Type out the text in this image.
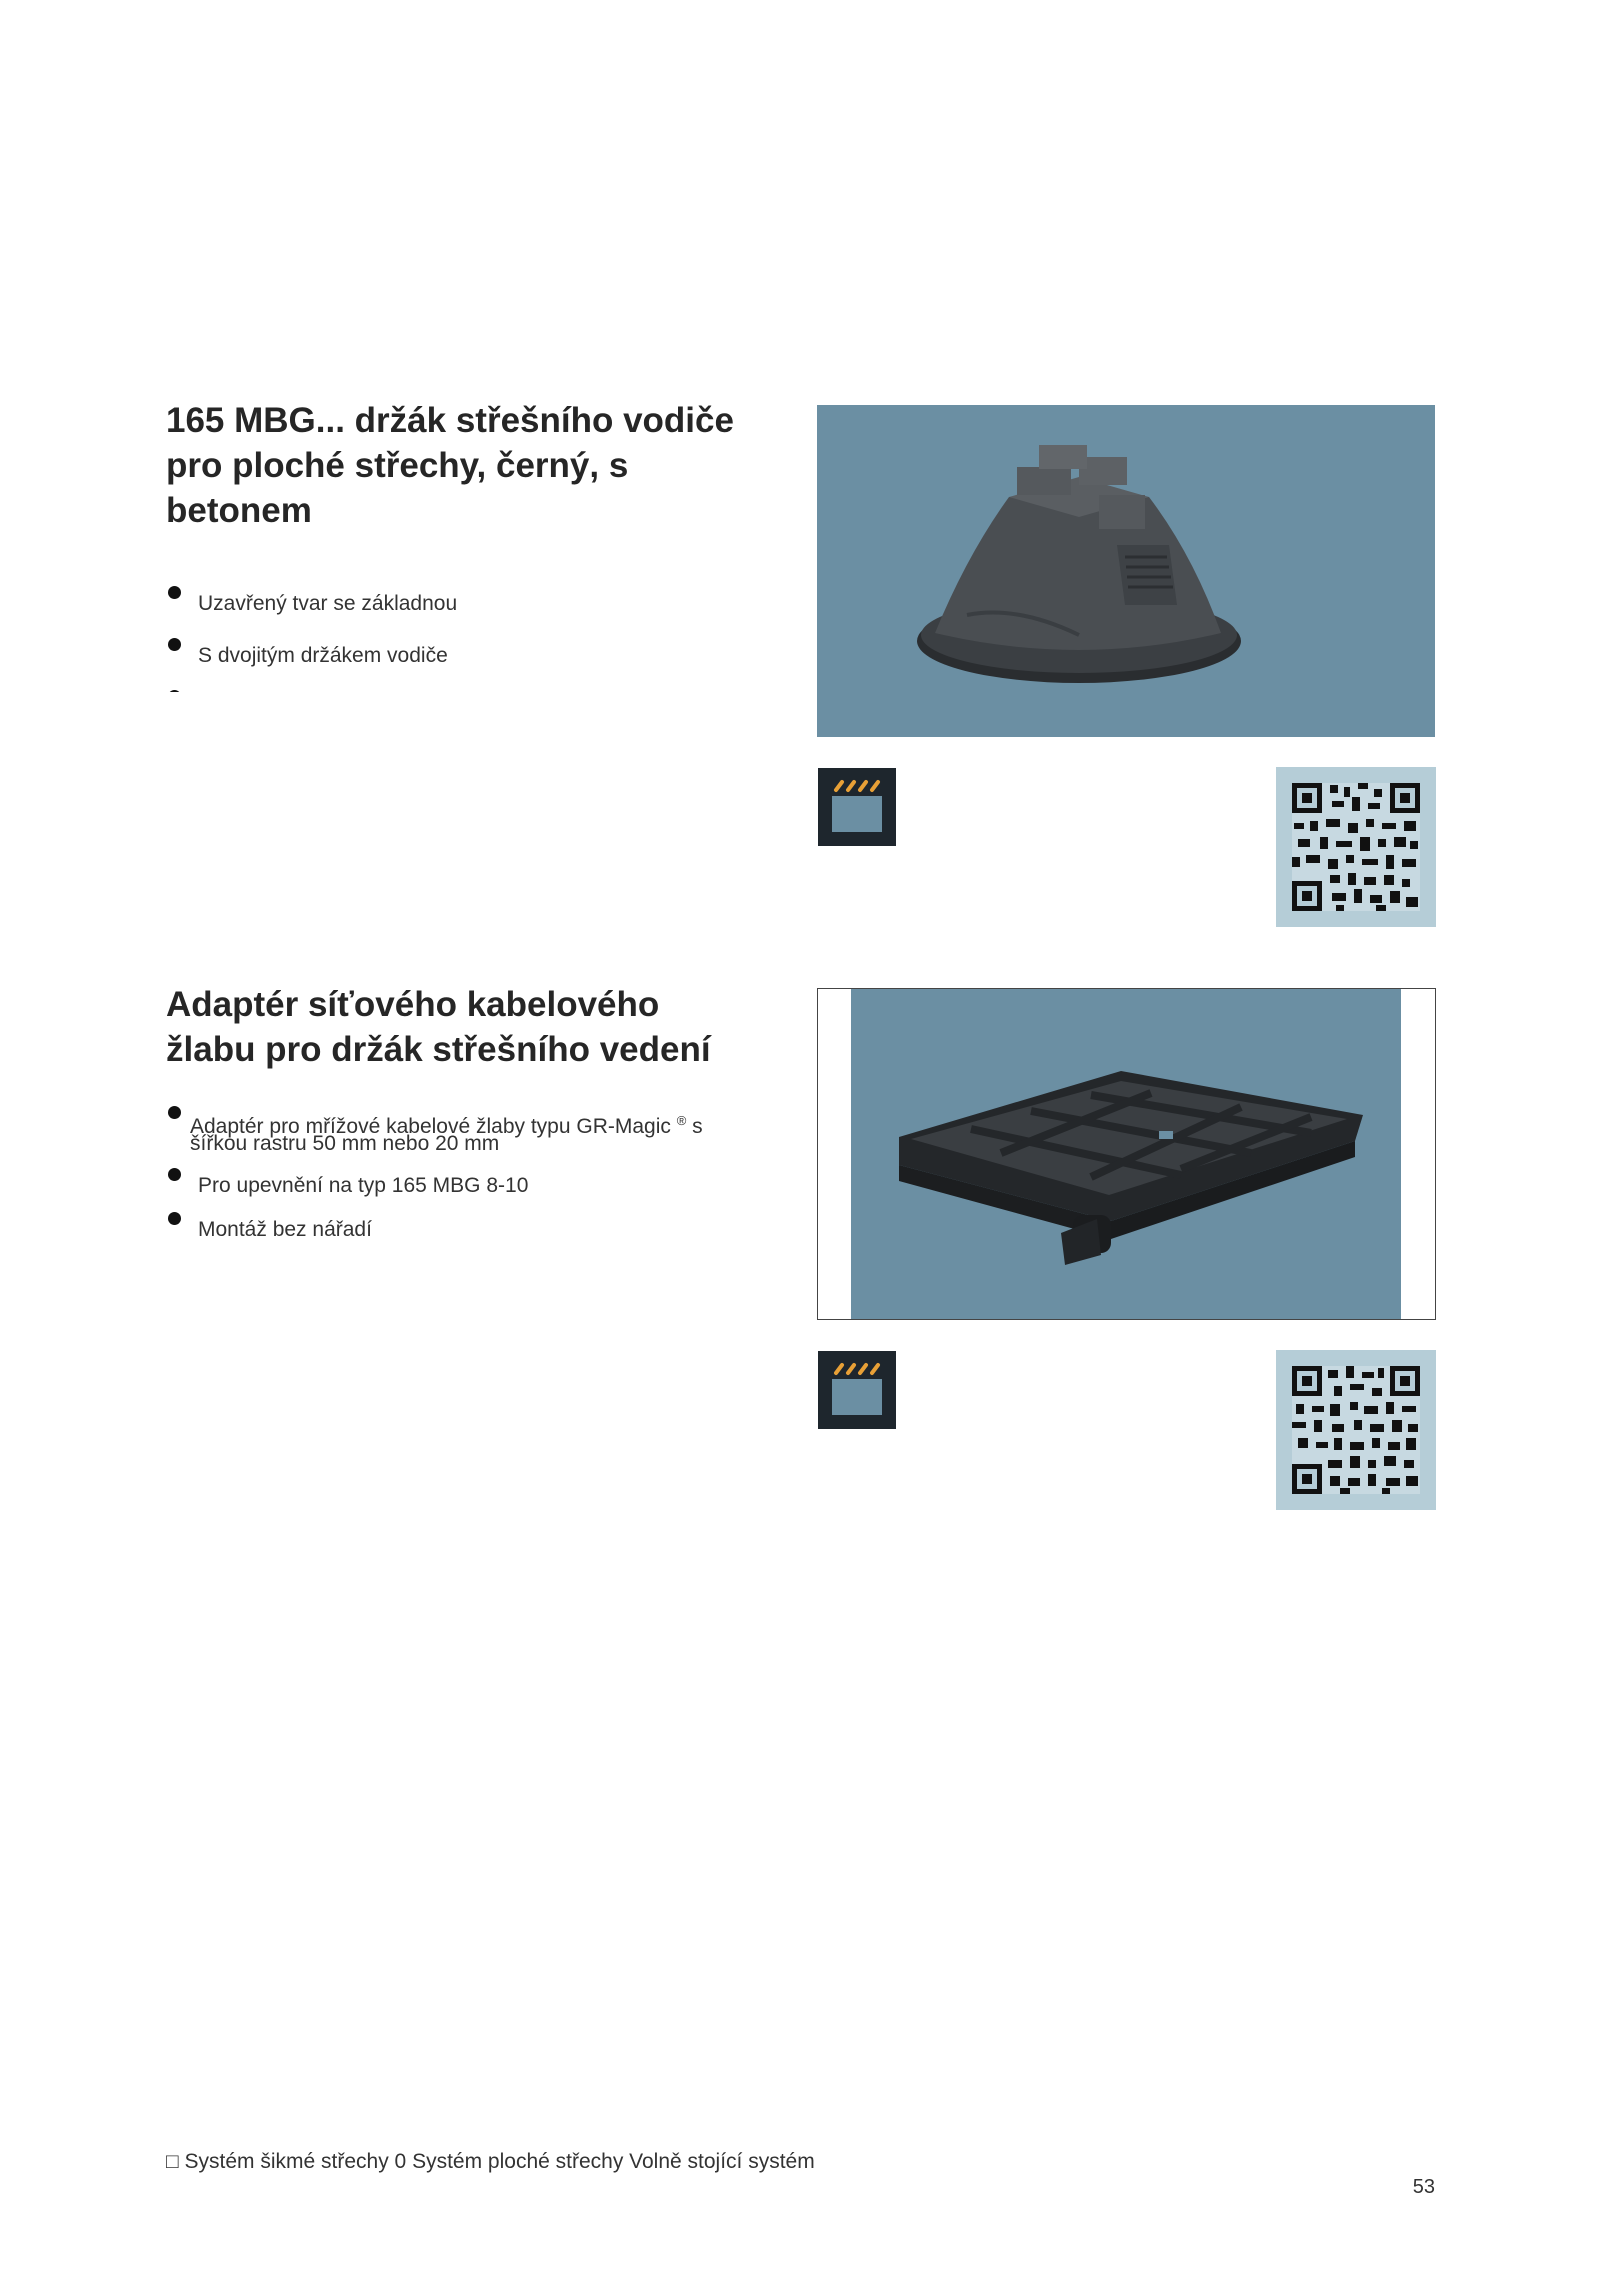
165 MBG... držák střešního vodiče
pro ploché střechy, černý, s
betonem
Uzavřený tvar se základnou
S dvojitým držákem vodiče
Adaptér síťového kabelového
žlabu pro držák střešního vedení
Adaptér pro mřížové kabelové žlaby typu GR-Magic ® s
šířkou rastru 50 mm nebo 20 mm
Pro upevnění na typ 165 MBG 8-10
Montáž bez nářadí
□ Systém šikmé střechy 0 Systém ploché střechy Volně stojící systém
53
